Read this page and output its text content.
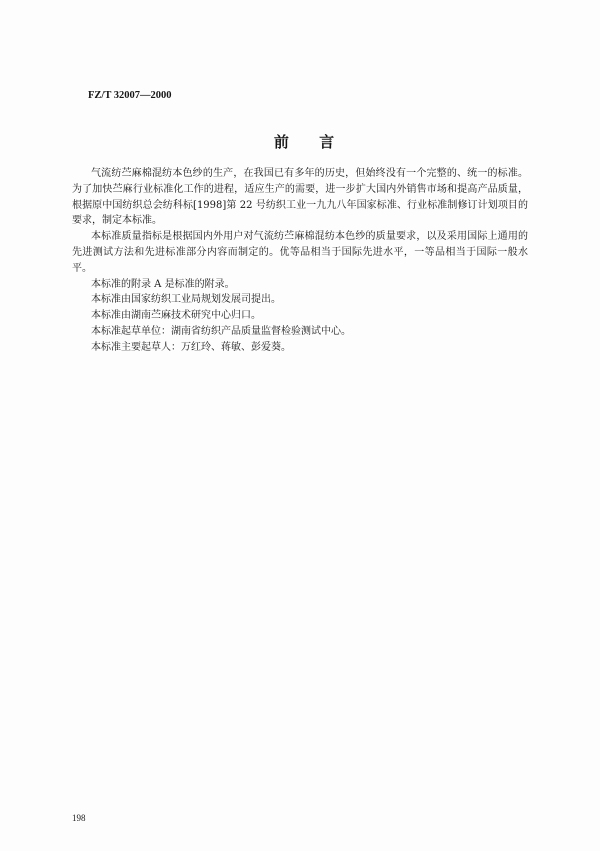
FZ/T 32007—2000
前 言

气流纺苎麻棉混纺本色纱的生产，在我国已有多年的历史，但始终没有一个完整的、统一的标准。为了加快苎麻行业标准化工作的进程，适应生产的需要，进一步扩大国内外销售市场和提高产品质量，根据原中国纺织总会纺科标[1998]第 22 号纺织工业一九九八年国家标准、行业标准制修订计划项目的要求，制定本标准。

本标准质量指标是根据国内外用户对气流纺苎麻棉混纺本色纱的质量要求，以及采用国际上通用的先进测试方法和先进标准部分内容而制定的。优等品相当于国际先进水平，一等品相当于国际一般水平。

本标准的附录 A 是标准的附录。

本标准由国家纺织工业局规划发展司提出。

本标准由湖南苎麻技术研究中心归口。

本标准起草单位：湖南省纺织产品质量监督检验测试中心。

本标准主要起草人：万红玲、蒋敏、彭爱葵。

198
